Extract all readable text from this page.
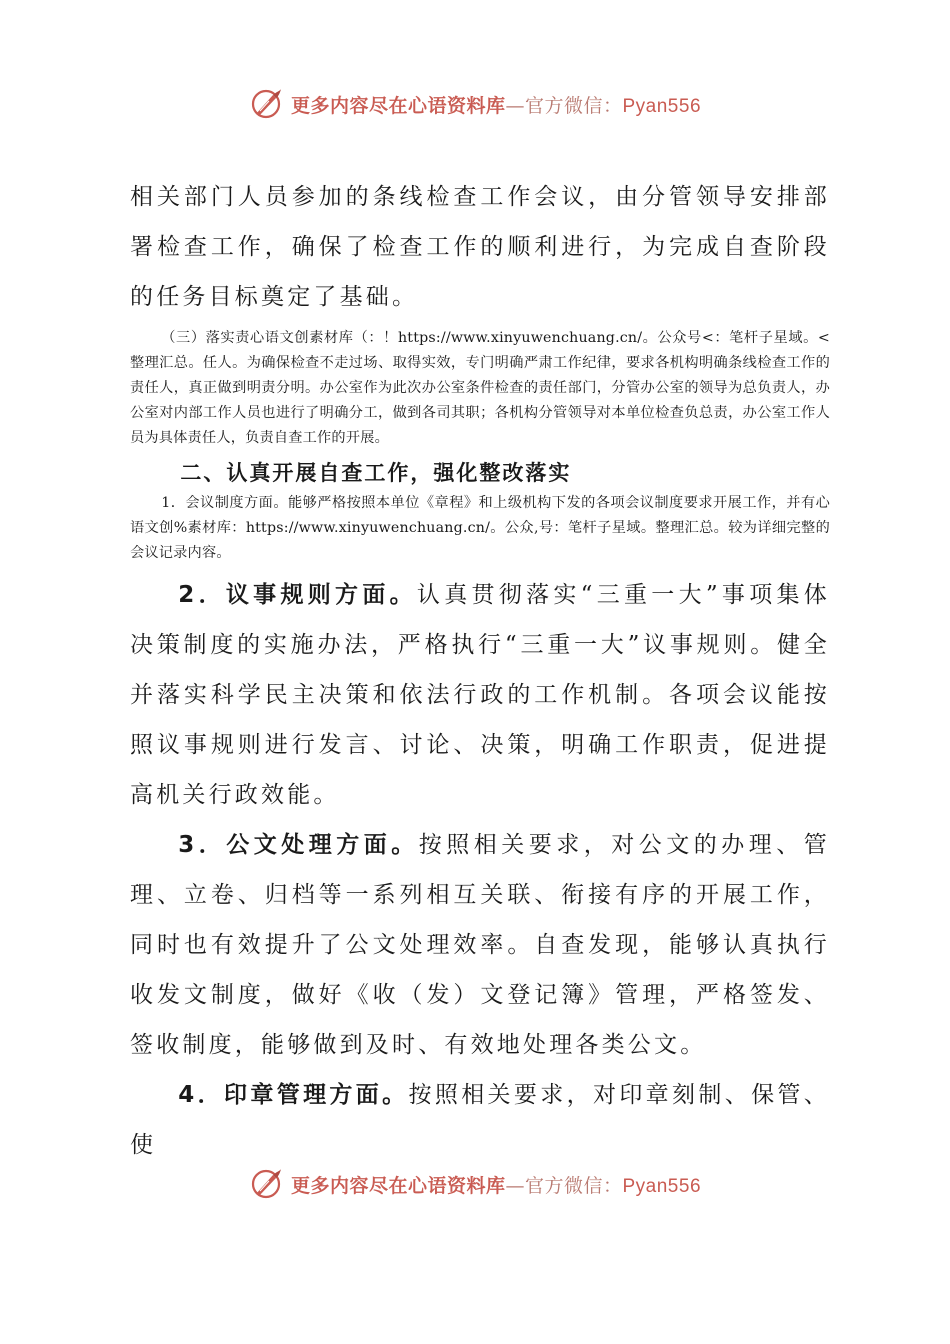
更多内容尽在心语资料库—官方微信：Pyan556

相关部门人员参加的条线检查工作会议，由分管领导安排部署检查工作，确保了检查工作的顺利进行，为完成自查阶段的任务目标奠定了基础。

（三）落实责心语文创素材库（：！https://www.xinyuwenchuang.cn/。公众号<：笔杆子星域。<整理汇总。任人。为确保检查不走过场、取得实效，专门明确严肃工作纪律，要求各机构明确条线检查工作的责任人，真正做到明责分明。办公室作为此次办公室条件检查的责任部门，分管办公室的领导为总负责人，办公室对内部工作人员也进行了明确分工，做到各司其职；各机构分管领导对本单位检查负总责，办公室工作人员为具体责任人，负责自查工作的开展。

二、认真开展自查工作，强化整改落实

1．会议制度方面。能够严格按照本单位《章程》和上级机构下发的各项会议制度要求开展工作，并有心语文创%素材库：https://www.xinyuwenchuang.cn/。公众,号：笔杆子星域。整理汇总。较为详细完整的会议记录内容。

2．议事规则方面。认真贯彻落实“三重一大”事项集体决策制度的实施办法，严格执行“三重一大”议事规则。健全并落实科学民主决策和依法行政的工作机制。各项会议能按照议事规则进行发言、讨论、决策，明确工作职责，促进提高机关行政效能。

3．公文处理方面。按照相关要求，对公文的办理、管理、立卷、归档等一系列相互关联、衔接有序的开展工作，同时也有效提升了公文处理效率。自查发现，能够认真执行收发文制度，做好《收（发）文登记簿》管理，严格签发、签收制度，能够做到及时、有效地处理各类公文。

4．印章管理方面。按照相关要求，对印章刻制、保管、使

更多内容尽在心语资料库—官方微信：Pyan556
